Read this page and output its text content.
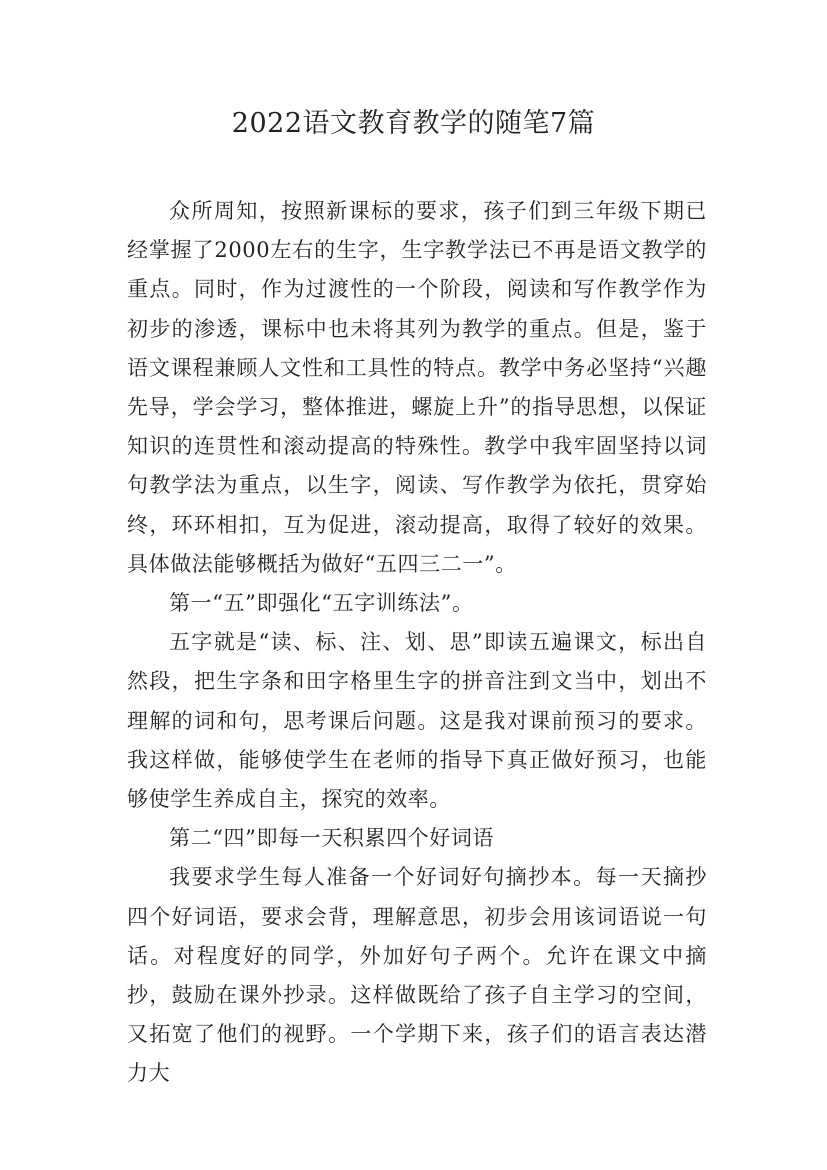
2022语文教育教学的随笔7篇

众所周知，按照新课标的要求，孩子们到三年级下期已经掌握了2000左右的生字，生字教学法已不再是语文教学的重点。同时，作为过渡性的一个阶段，阅读和写作教学作为初步的渗透，课标中也未将其列为教学的重点。但是，鉴于语文课程兼顾人文性和工具性的特点。教学中务必坚持“兴趣先导，学会学习，整体推进，螺旋上升”的指导思想，以保证知识的连贯性和滚动提高的特殊性。教学中我牢固坚持以词句教学法为重点，以生字，阅读、写作教学为依托，贯穿始终，环环相扣，互为促进，滚动提高，取得了较好的效果。具体做法能够概括为做好“五四三二一”。

第一“五”即强化“五字训练法”。

五字就是“读、标、注、划、思”即读五遍课文，标出自然段，把生字条和田字格里生字的拼音注到文当中，划出不理解的词和句，思考课后问题。这是我对课前预习的要求。我这样做，能够使学生在老师的指导下真正做好预习，也能够使学生养成自主，探究的效率。

第二“四”即每一天积累四个好词语

我要求学生每人准备一个好词好句摘抄本。每一天摘抄四个好词语，要求会背，理解意思，初步会用该词语说一句话。对程度好的同学，外加好句子两个。允许在课文中摘抄，鼓励在课外抄录。这样做既给了孩子自主学习的空间，又拓宽了他们的视野。一个学期下来，孩子们的语言表达潜力大
